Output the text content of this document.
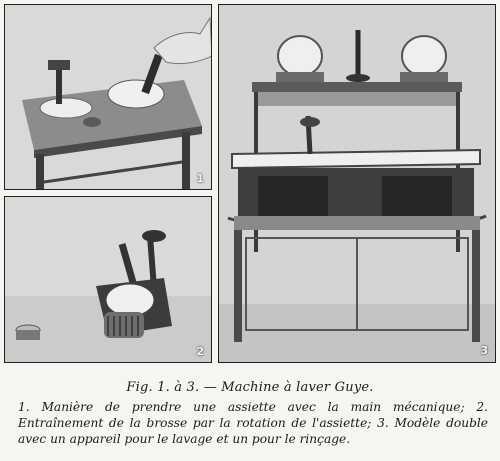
1
2	3
Fig. 1. à 3. — Machine à laver Guye.
1. Manière de prendre une assiette avec la main mécanique; 2. Entraînement de la brosse par la rotation de l'assiette; 3. Modèle double avec un appareil pour le lavage et un pour le rinçage.
